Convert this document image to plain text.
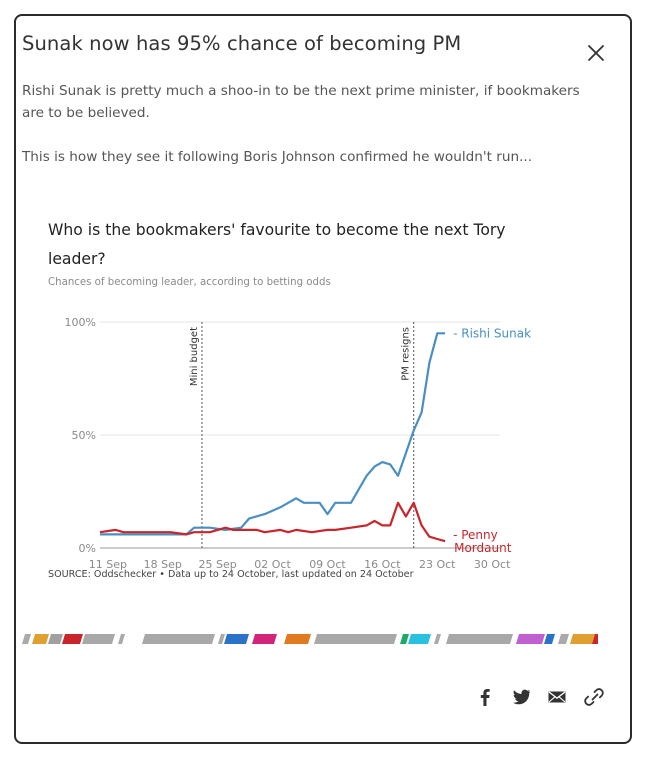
Sunak now has 95% chance of becoming PM

Rishi Sunak is pretty much a shoo-in to be the next prime minister, if bookmakers are to be believed.

This is how they see it following Boris Johnson confirmed he wouldn't run...

Who is the bookmakers' favourite to become the next Tory leader?

Chances of becoming leader, according to betting odds

0%
50%
100%
11 Sep 18 Sep 25 Sep 02 Oct 09 Oct 16 Oct 23 Oct 30 Oct
Mini budget	PM resigns	- Rishi Sunak
- Penny
Mordaunt

SOURCE: Oddschecker • Data up to 24 October, last updated on 24 October
